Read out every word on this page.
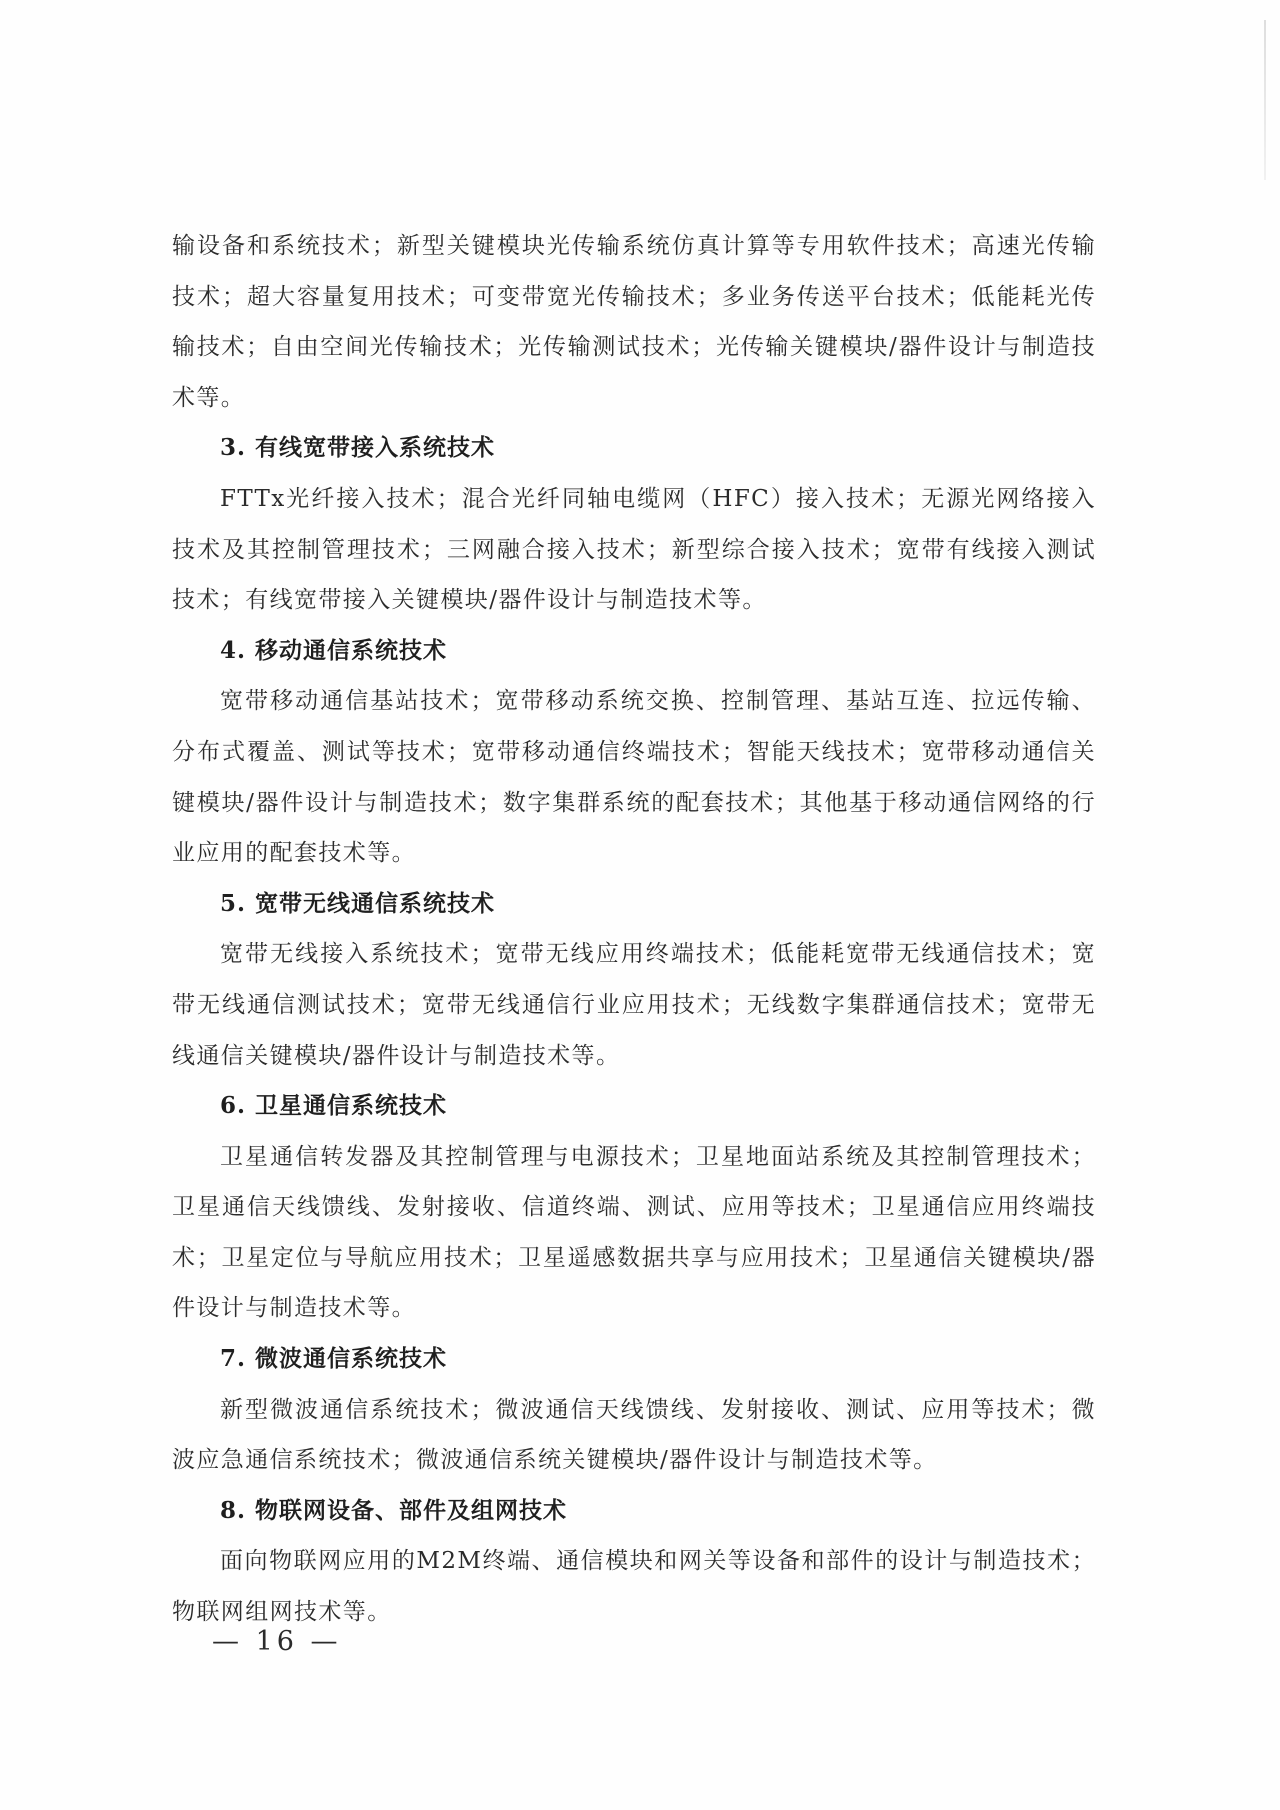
输设备和系统技术；新型关键模块光传输系统仿真计算等专用软件技术；高速光传输技术；超大容量复用技术；可变带宽光传输技术；多业务传送平台技术；低能耗光传输技术；自由空间光传输技术；光传输测试技术；光传输关键模块/器件设计与制造技术等。

3. 有线宽带接入系统技术

FTTx光纤接入技术；混合光纤同轴电缆网（HFC）接入技术；无源光网络接入技术及其控制管理技术；三网融合接入技术；新型综合接入技术；宽带有线接入测试技术；有线宽带接入关键模块/器件设计与制造技术等。

4. 移动通信系统技术

宽带移动通信基站技术；宽带移动系统交换、控制管理、基站互连、拉远传输、分布式覆盖、测试等技术；宽带移动通信终端技术；智能天线技术；宽带移动通信关键模块/器件设计与制造技术；数字集群系统的配套技术；其他基于移动通信网络的行业应用的配套技术等。

5. 宽带无线通信系统技术

宽带无线接入系统技术；宽带无线应用终端技术；低能耗宽带无线通信技术；宽带无线通信测试技术；宽带无线通信行业应用技术；无线数字集群通信技术；宽带无线通信关键模块/器件设计与制造技术等。

6. 卫星通信系统技术

卫星通信转发器及其控制管理与电源技术；卫星地面站系统及其控制管理技术；卫星通信天线馈线、发射接收、信道终端、测试、应用等技术；卫星通信应用终端技术；卫星定位与导航应用技术；卫星遥感数据共享与应用技术；卫星通信关键模块/器件设计与制造技术等。

7. 微波通信系统技术

新型微波通信系统技术；微波通信天线馈线、发射接收、测试、应用等技术；微波应急通信系统技术；微波通信系统关键模块/器件设计与制造技术等。

8. 物联网设备、部件及组网技术

面向物联网应用的M2M终端、通信模块和网关等设备和部件的设计与制造技术；物联网组网技术等。

— 16 —
